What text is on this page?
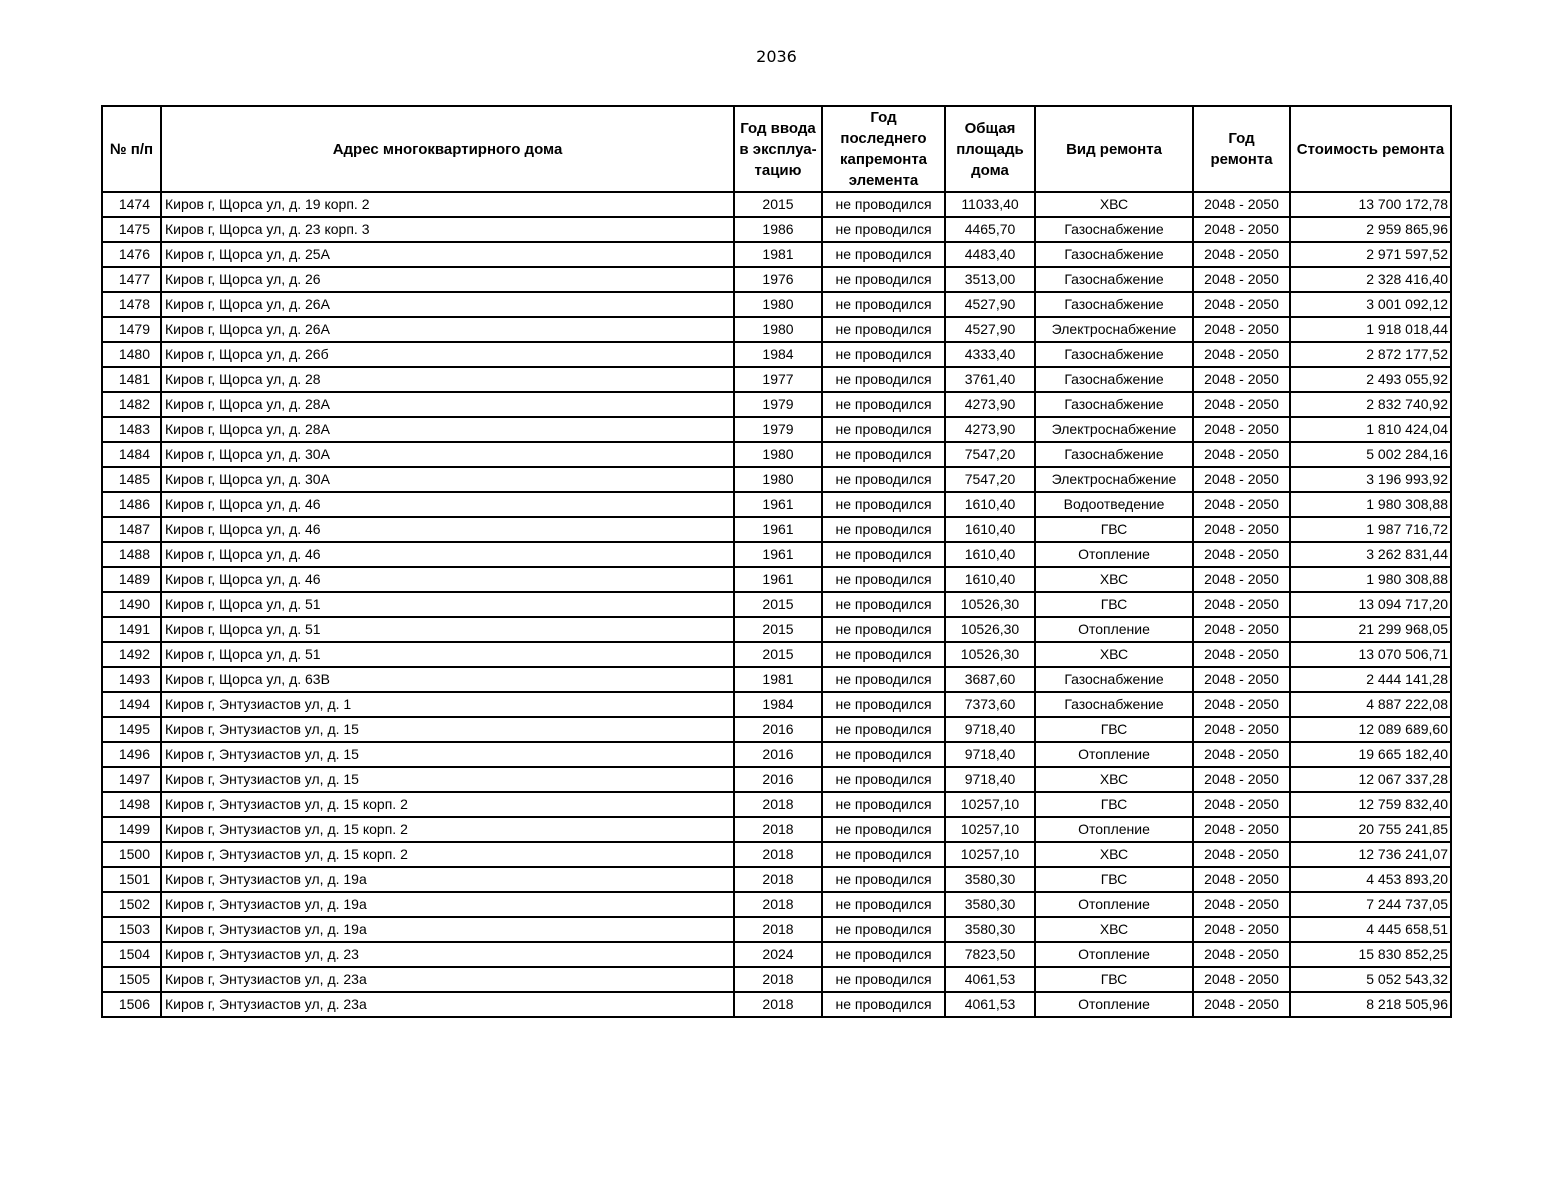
2036
№ п/п	Адрес многоквартирного дома	Год ввода в эксплуа-тацию	Год последнего капремонта элемента	Общая площадь дома	Вид ремонта	Год ремонта	Стоимость ремонта
1474	Киров г, Щорса ул, д. 19 корп. 2	2015	не проводился	11033,40	ХВС	2048 - 2050	13 700 172,78
1475	Киров г, Щорса ул, д. 23 корп. 3	1986	не проводился	4465,70	Газоснабжение	2048 - 2050	2 959 865,96
1476	Киров г, Щорса ул, д. 25А	1981	не проводился	4483,40	Газоснабжение	2048 - 2050	2 971 597,52
1477	Киров г, Щорса ул, д. 26	1976	не проводился	3513,00	Газоснабжение	2048 - 2050	2 328 416,40
1478	Киров г, Щорса ул, д. 26А	1980	не проводился	4527,90	Газоснабжение	2048 - 2050	3 001 092,12
1479	Киров г, Щорса ул, д. 26А	1980	не проводился	4527,90	Электроснабжение	2048 - 2050	1 918 018,44
1480	Киров г, Щорса ул, д. 26б	1984	не проводился	4333,40	Газоснабжение	2048 - 2050	2 872 177,52
1481	Киров г, Щорса ул, д. 28	1977	не проводился	3761,40	Газоснабжение	2048 - 2050	2 493 055,92
1482	Киров г, Щорса ул, д. 28А	1979	не проводился	4273,90	Газоснабжение	2048 - 2050	2 832 740,92
1483	Киров г, Щорса ул, д. 28А	1979	не проводился	4273,90	Электроснабжение	2048 - 2050	1 810 424,04
1484	Киров г, Щорса ул, д. 30А	1980	не проводился	7547,20	Газоснабжение	2048 - 2050	5 002 284,16
1485	Киров г, Щорса ул, д. 30А	1980	не проводился	7547,20	Электроснабжение	2048 - 2050	3 196 993,92
1486	Киров г, Щорса ул, д. 46	1961	не проводился	1610,40	Водоотведение	2048 - 2050	1 980 308,88
1487	Киров г, Щорса ул, д. 46	1961	не проводился	1610,40	ГВС	2048 - 2050	1 987 716,72
1488	Киров г, Щорса ул, д. 46	1961	не проводился	1610,40	Отопление	2048 - 2050	3 262 831,44
1489	Киров г, Щорса ул, д. 46	1961	не проводился	1610,40	ХВС	2048 - 2050	1 980 308,88
1490	Киров г, Щорса ул, д. 51	2015	не проводился	10526,30	ГВС	2048 - 2050	13 094 717,20
1491	Киров г, Щорса ул, д. 51	2015	не проводился	10526,30	Отопление	2048 - 2050	21 299 968,05
1492	Киров г, Щорса ул, д. 51	2015	не проводился	10526,30	ХВС	2048 - 2050	13 070 506,71
1493	Киров г, Щорса ул, д. 63В	1981	не проводился	3687,60	Газоснабжение	2048 - 2050	2 444 141,28
1494	Киров г, Энтузиастов ул, д. 1	1984	не проводился	7373,60	Газоснабжение	2048 - 2050	4 887 222,08
1495	Киров г, Энтузиастов ул, д. 15	2016	не проводился	9718,40	ГВС	2048 - 2050	12 089 689,60
1496	Киров г, Энтузиастов ул, д. 15	2016	не проводился	9718,40	Отопление	2048 - 2050	19 665 182,40
1497	Киров г, Энтузиастов ул, д. 15	2016	не проводился	9718,40	ХВС	2048 - 2050	12 067 337,28
1498	Киров г, Энтузиастов ул, д. 15 корп. 2	2018	не проводился	10257,10	ГВС	2048 - 2050	12 759 832,40
1499	Киров г, Энтузиастов ул, д. 15 корп. 2	2018	не проводился	10257,10	Отопление	2048 - 2050	20 755 241,85
1500	Киров г, Энтузиастов ул, д. 15 корп. 2	2018	не проводился	10257,10	ХВС	2048 - 2050	12 736 241,07
1501	Киров г, Энтузиастов ул, д. 19а	2018	не проводился	3580,30	ГВС	2048 - 2050	4 453 893,20
1502	Киров г, Энтузиастов ул, д. 19а	2018	не проводился	3580,30	Отопление	2048 - 2050	7 244 737,05
1503	Киров г, Энтузиастов ул, д. 19а	2018	не проводился	3580,30	ХВС	2048 - 2050	4 445 658,51
1504	Киров г, Энтузиастов ул, д. 23	2024	не проводился	7823,50	Отопление	2048 - 2050	15 830 852,25
1505	Киров г, Энтузиастов ул, д. 23а	2018	не проводился	4061,53	ГВС	2048 - 2050	5 052 543,32
1506	Киров г, Энтузиастов ул, д. 23а	2018	не проводился	4061,53	Отопление	2048 - 2050	8 218 505,96
